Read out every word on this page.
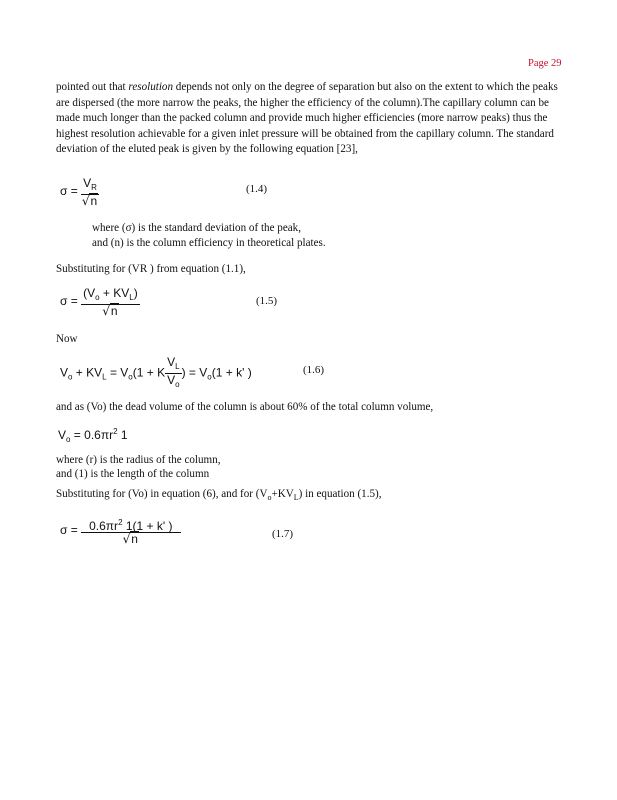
Page 29
pointed out that resolution depends not only on the degree of separation but also on the extent to which the peaks are dispersed (the more narrow the peaks, the higher the efficiency of the column).The capillary column can be made much longer than the packed column and provide much higher efficiencies (more narrow peaks) thus the highest resolution achievable for a given inlet pressure will be obtained from the capillary column. The standard deviation of the eluted peak is given by the following equation [23],
$\sigma = \frac{V_R}{√n}$	(1.4)
where (σ) is the standard deviation of the peak,
and (n) is the column efficiency in theoretical plates.
Substituting for (VR ) from equation (1.1),
$\sigma = \frac{(V_o + KV_L)}{√n}$	(1.5)
Now
$V_o + KV_L = V_o(1 + K \frac{V_L}{V_o}$ ) = $V_o(1 + k'$ )	(1.6)
and as (Vo) the dead volume of the column is about 60% of the total column volume,
$V_o = 0.6\pi r^2$ 1
where (r) is the radius of the column,
and (1) is the length of the column
Substituting for (Vo) in equation (6), and for $(V_o+KV_L)$ in equation (1.5),
$\sigma = \frac{0.6\pi r^2 1(1 + k' )}{√n}$	(1.7)
